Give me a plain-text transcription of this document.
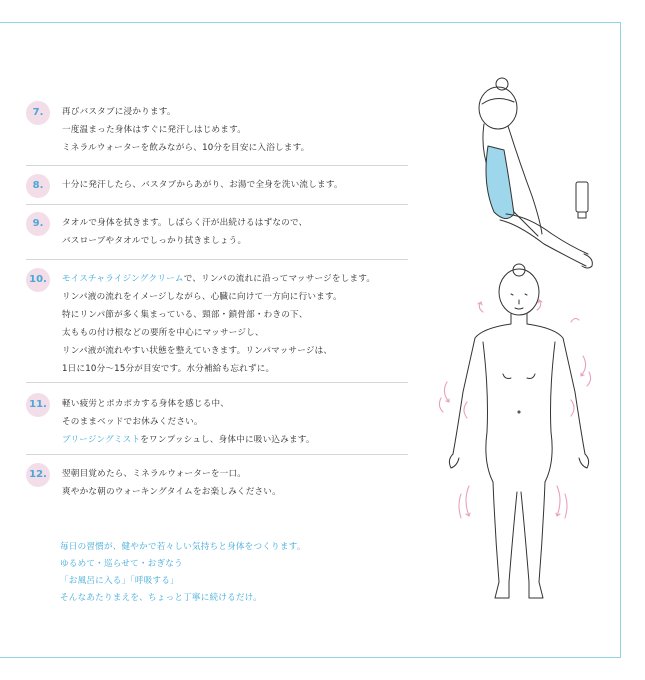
7.	再びバスタブに浸かります。
一度温まった身体はすぐに発汗しはじめます。
ミネラルウォーターを飲みながら、10分を目安に入浴します。
8.	十分に発汗したら、バスタブからあがり、お湯で全身を洗い流します。
9.	タオルで身体を拭きます。しばらく汗が出続けるはずなので、
バスローブやタオルでしっかり拭きましょう。
10.	モイスチャライジングクリームで、リンパの流れに沿ってマッサージをします。
リンパ液の流れをイメージしながら、心臓に向けて一方向に行います。
特にリンパ節が多く集まっている、頸部・鎖骨部・わきの下、
太ももの付け根などの要所を中心にマッサージし、
リンパ液が流れやすい状態を整えていきます。リンパマッサージは、
1日に10分～15分が目安です。水分補給も忘れずに。
11.	軽い疲労とポカポカする身体を感じる中、
そのままベッドでお休みください。
ブリージングミストをワンプッシュし、身体中に吸い込みます。
12.	翌朝目覚めたら、ミネラルウォーターを一口。
爽やかな朝のウォーキングタイムをお楽しみください。
毎日の習慣が、健やかで若々しい気持ちと身体をつくります。
ゆるめて・巡らせて・おぎなう
「お風呂に入る」「呼吸する」
そんなあたりまえを、ちょっと丁寧に続けるだけ。
